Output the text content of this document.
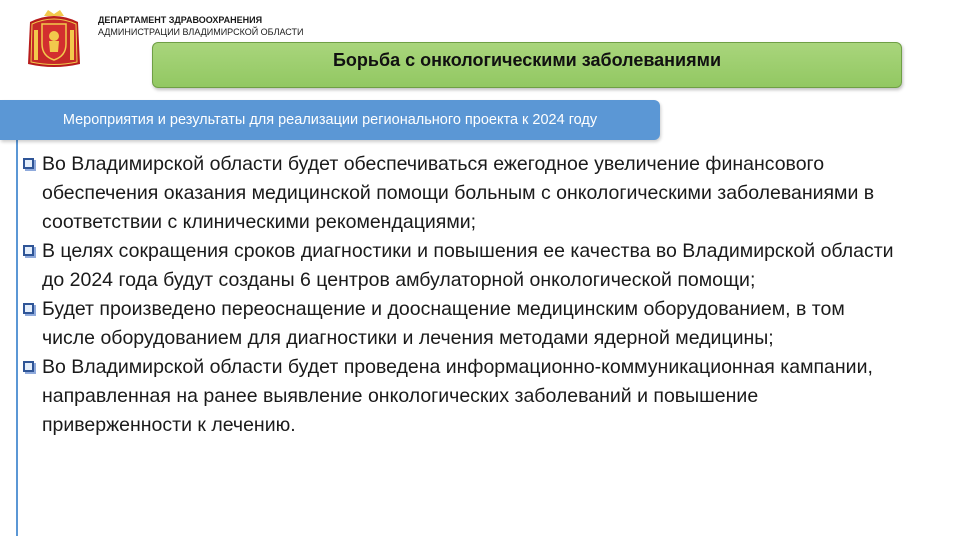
ДЕПАРТАМЕНТ ЗДРАВООХРАНЕНИЯ
АДМИНИСТРАЦИИ ВЛАДИМИРСКОЙ ОБЛАСТИ
Борьба с онкологическими заболеваниями
Во Владимирской области будет обеспечиваться ежегодное увеличение финансового обеспечения оказания медицинской помощи больным с онкологическими заболеваниями в соответствии с клиническими рекомендациями;
В целях сокращения сроков диагностики и повышения ее качества во Владимирской области до 2024 года будут созданы 6 центров амбулаторной онкологической помощи;
Будет произведено переоснащение и дооснащение медицинским оборудованием, в том числе оборудованием для диагностики и лечения методами ядерной медицины;
Во Владимирской области будет проведена информационно-коммуникационная кампании, направленная на ранее выявление онкологических заболеваний и повышение приверженности к лечению.
Мероприятия и результаты для реализации регионального проекта к 2024 году
